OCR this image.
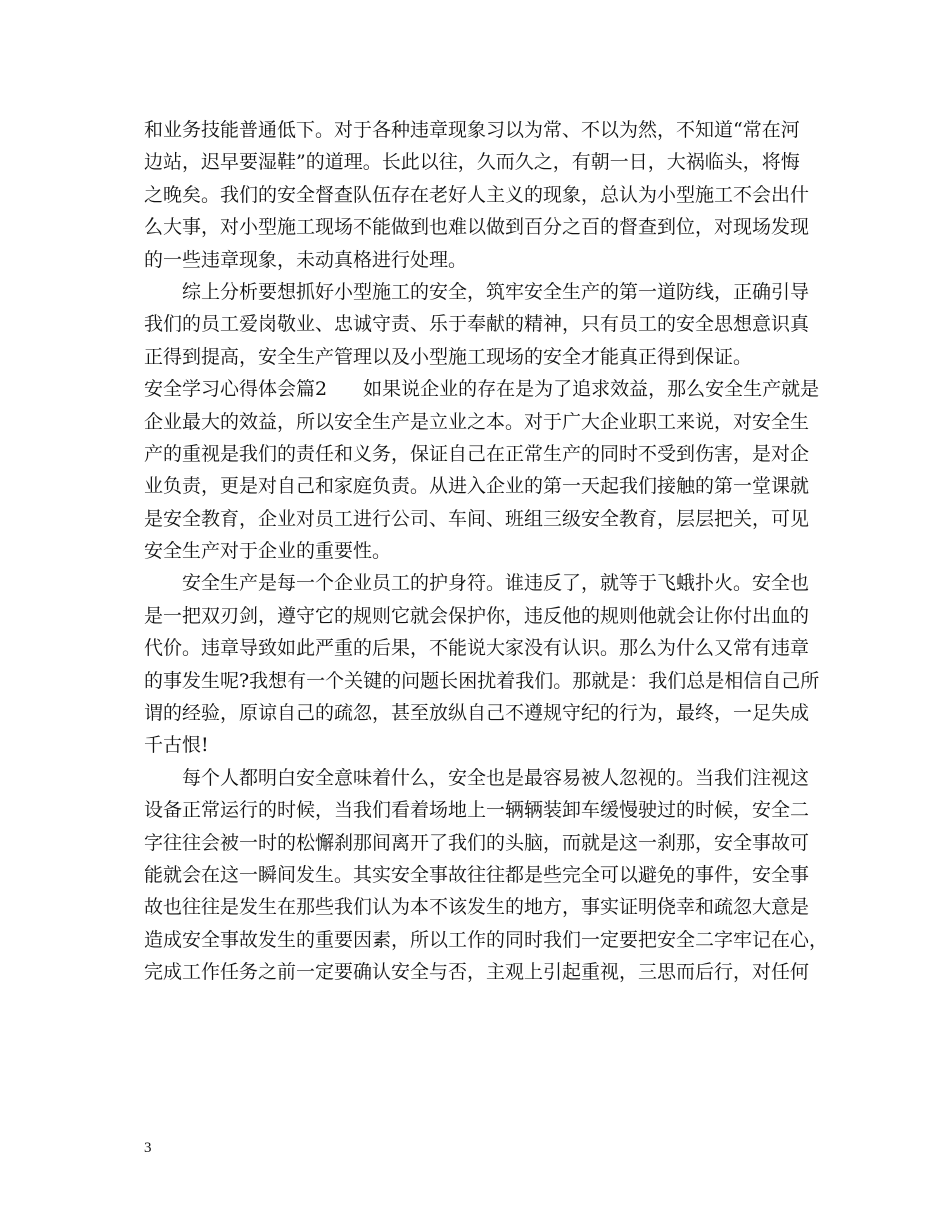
和业务技能普通低下。对于各种违章现象习以为常、不以为然，不知道“常在河
边站，迟早要湿鞋”的道理。长此以往，久而久之，有朝一日，大祸临头，将悔
之晚矣。我们的安全督查队伍存在老好人主义的现象，总认为小型施工不会出什
么大事，对小型施工现场不能做到也难以做到百分之百的督查到位，对现场发现
的一些违章现象，未动真格进行处理。
综上分析要想抓好小型施工的安全，筑牢安全生产的第一道防线，正确引导
我们的员工爱岗敬业、忠诚守责、乐于奉献的精神，只有员工的安全思想意识真
正得到提高，安全生产管理以及小型施工现场的安全才能真正得到保证。
安全学习心得体会篇2 如果说企业的存在是为了追求效益，那么安全生产就是
企业最大的效益，所以安全生产是立业之本。对于广大企业职工来说，对安全生
产的重视是我们的责任和义务，保证自己在正常生产的同时不受到伤害，是对企
业负责，更是对自己和家庭负责。从进入企业的第一天起我们接触的第一堂课就
是安全教育，企业对员工进行公司、车间、班组三级安全教育，层层把关，可见
安全生产对于企业的重要性。
安全生产是每一个企业员工的护身符。谁违反了，就等于飞蛾扑火。安全也
是一把双刃剑，遵守它的规则它就会保护你，违反他的规则他就会让你付出血的
代价。违章导致如此严重的后果，不能说大家没有认识。那么为什么又常有违章
的事发生呢?我想有一个关键的问题长困扰着我们。那就是：我们总是相信自己所
谓的经验，原谅自己的疏忽，甚至放纵自己不遵规守纪的行为，最终，一足失成
千古恨!
每个人都明白安全意味着什么，安全也是最容易被人忽视的。当我们注视这
设备正常运行的时候，当我们看着场地上一辆辆装卸车缓慢驶过的时候，安全二
字往往会被一时的松懈刹那间离开了我们的头脑，而就是这一刹那，安全事故可
能就会在这一瞬间发生。其实安全事故往往都是些完全可以避免的事件，安全事
故也往往是发生在那些我们认为本不该发生的地方，事实证明侥幸和疏忽大意是
造成安全事故发生的重要因素，所以工作的同时我们一定要把安全二字牢记在心，
完成工作任务之前一定要确认安全与否，主观上引起重视，三思而后行，对任何
3
